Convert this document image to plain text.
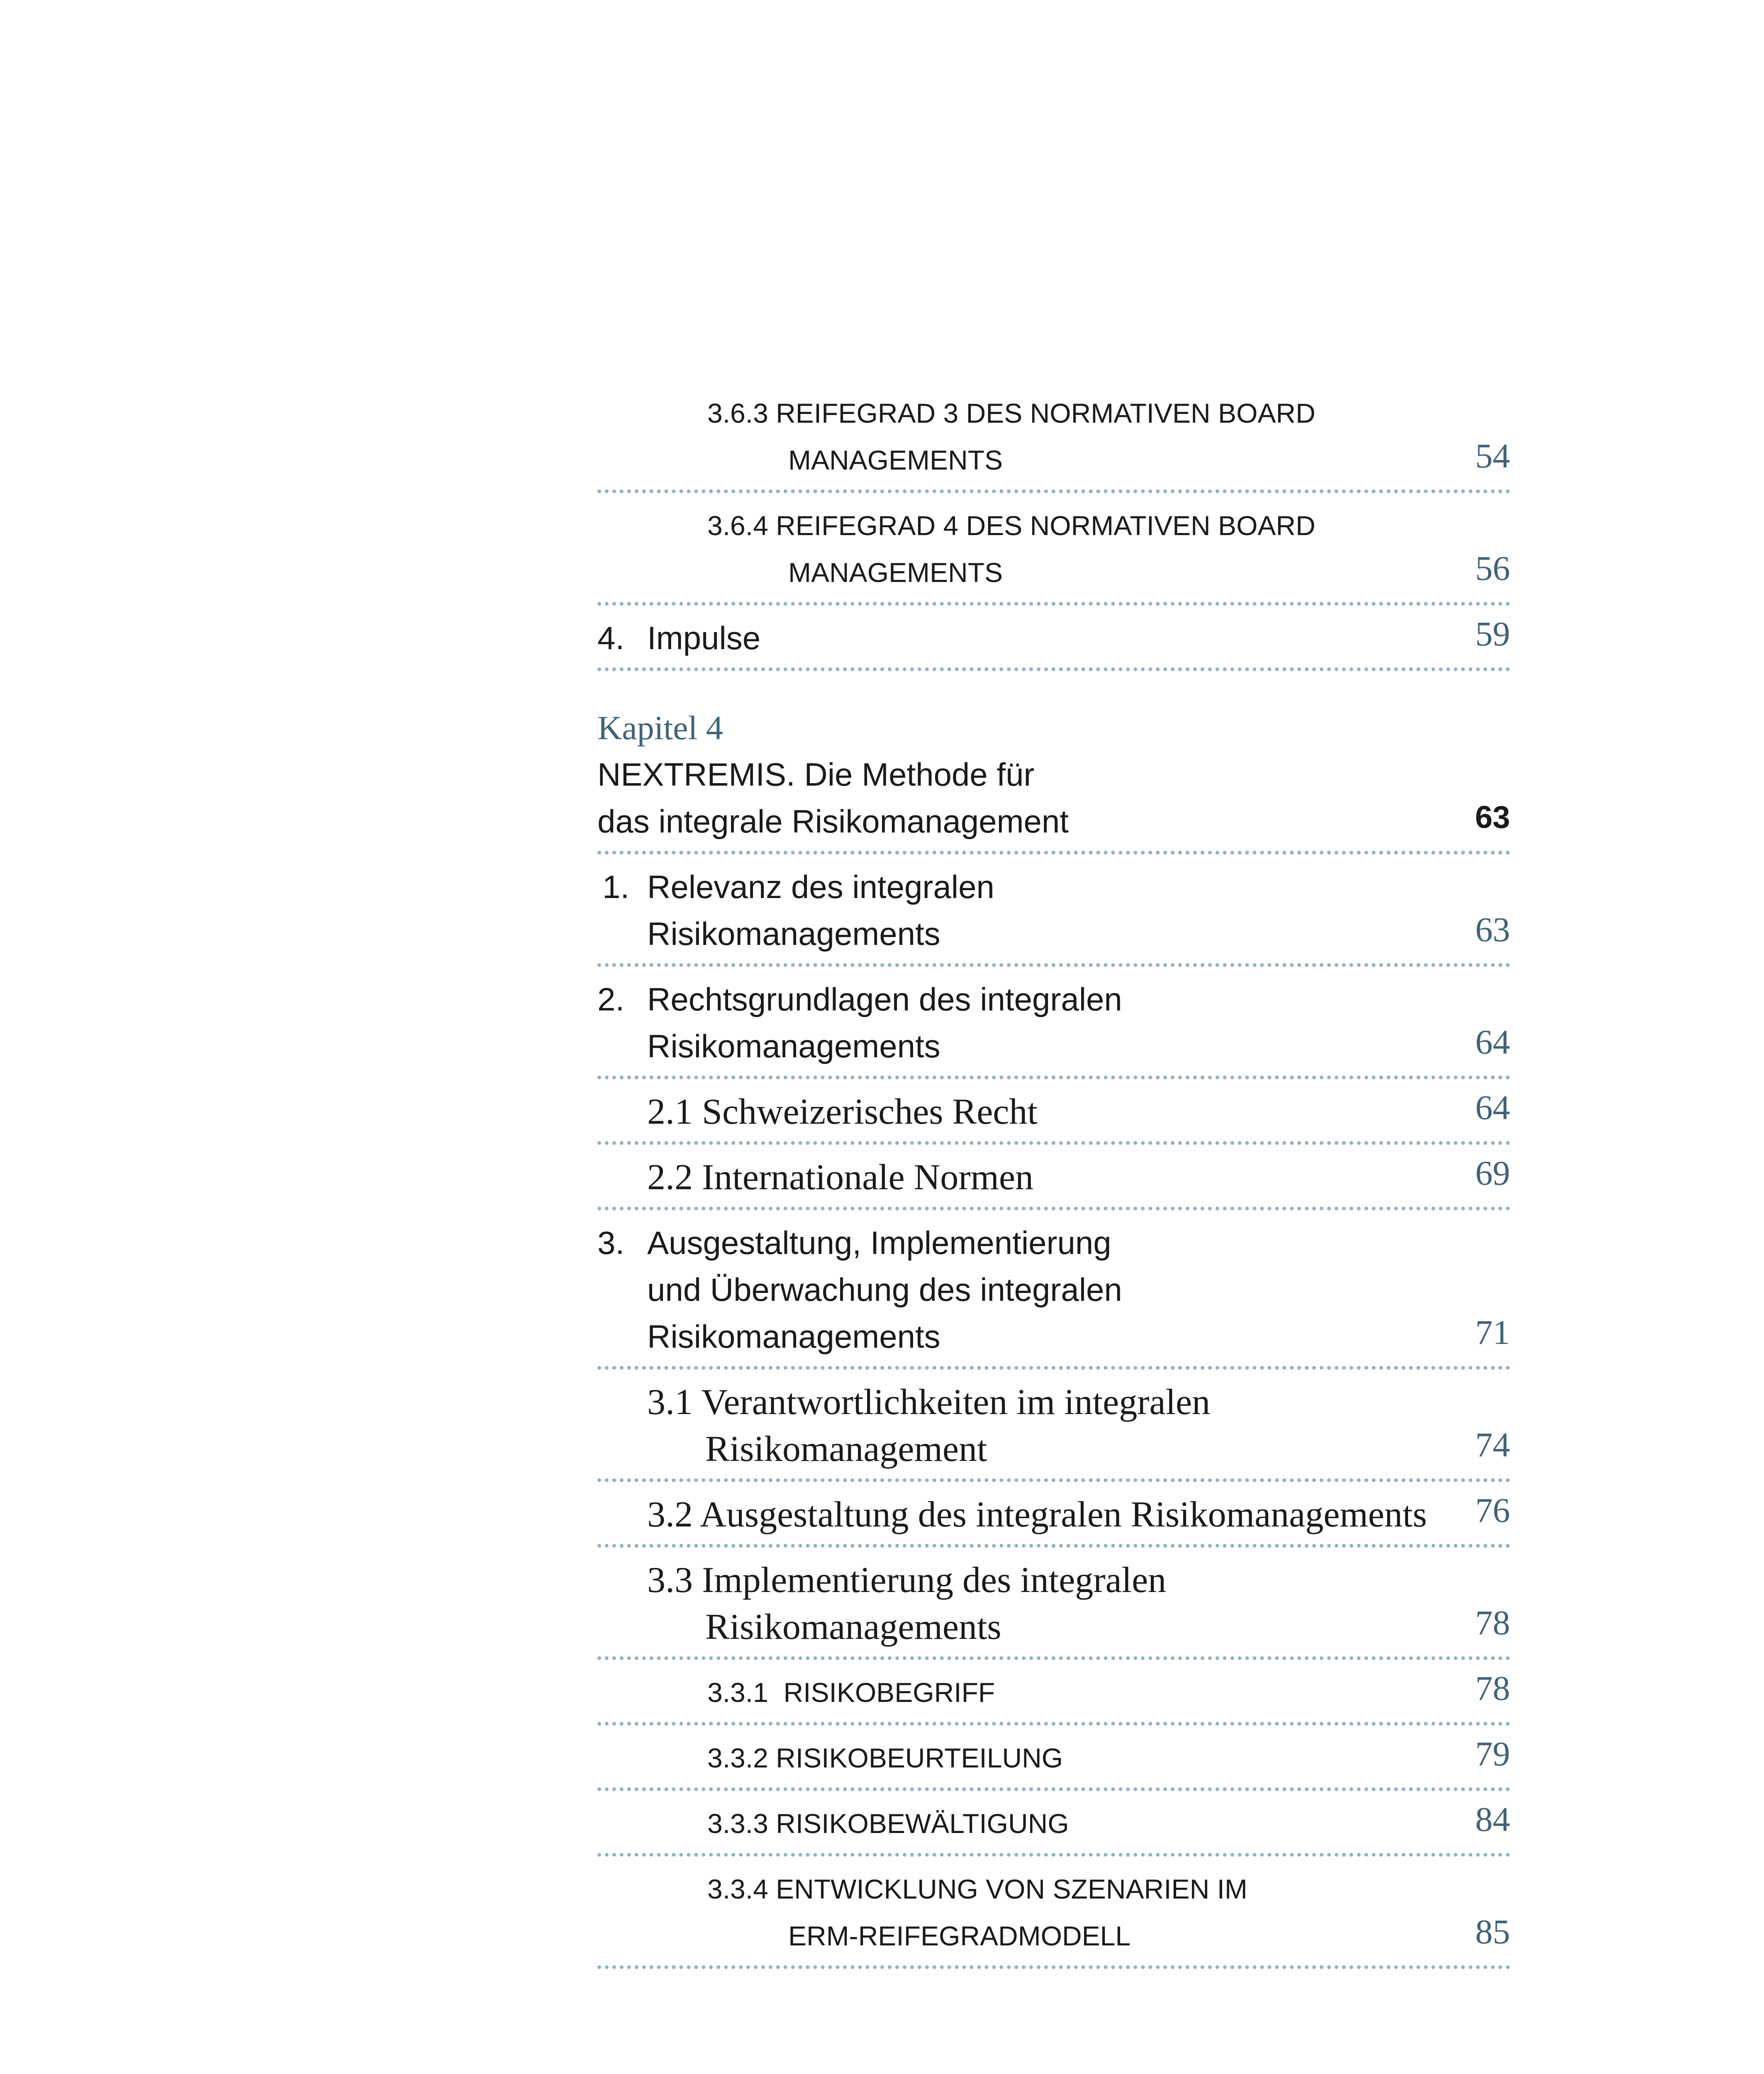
3.6.3 REIFEGRAD 3 DES NORMATIVEN BOARD
MANAGEMENTS	54
3.6.4 REIFEGRAD 4 DES NORMATIVEN BOARD
MANAGEMENTS	56
4. Impulse	59
Kapitel 4
NEXTREMIS. Die Methode für
das integrale Risikomanagement	63
1. Relevanz des integralen
Risikomanagements	63
2. Rechtsgrundlagen des integralen
Risikomanagements	64
2.1 Schweizerisches Recht	64
2.2 Internationale Normen	69
3. Ausgestaltung, Implementierung
und Überwachung des integralen
Risikomanagements	71
3.1 Verantwortlichkeiten im integralen
Risikomanagement	74
3.2 Ausgestaltung des integralen Risikomanagements	76
3.3 Implementierung des integralen
Risikomanagements	78
3.3.1  RISIKOBEGRIFF	78
3.3.2 RISIKOBEURTEILUNG	79
3.3.3 RISIKOBEWÄLTIGUNG	84
3.3.4 ENTWICKLUNG VON SZENARIEN IM
ERM-REIFEGRADMODELL	85
